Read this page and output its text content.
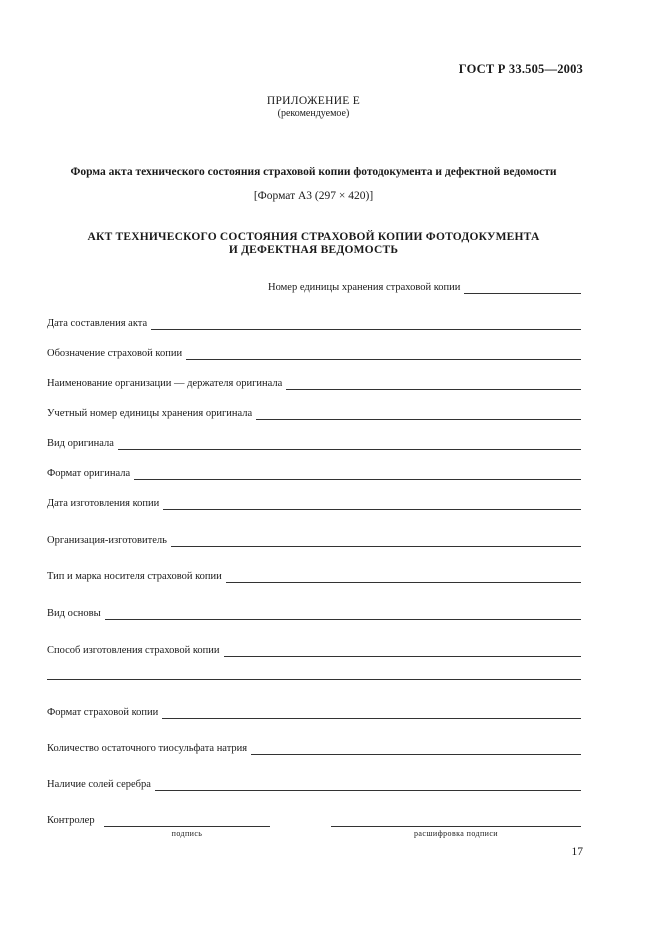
ГОСТ Р 33.505—2003
ПРИЛОЖЕНИЕ Е
(рекомендуемое)
Форма акта технического состояния страховой копии фотодокумента и дефектной ведомости
[Формат А3 (297 × 420)]
АКТ ТЕХНИЧЕСКОГО СОСТОЯНИЯ СТРАХОВОЙ КОПИИ ФОТОДОКУМЕНТА
И ДЕФЕКТНАЯ ВЕДОМОСТЬ
Номер единицы хранения страховой копии
Дата составления акта
Обозначение страховой копии
Наименование организации — держателя оригинала
Учетный номер единицы хранения оригинала
Вид оригинала
Формат оригинала
Дата изготовления копии
Организация-изготовитель
Тип и марка носителя страховой копии
Вид основы
Способ изготовления страховой копии
Формат страховой копии
Количество остаточного тиосульфата натрия
Наличие солей серебра
Контролер
подпись	расшифровка подписи
17
